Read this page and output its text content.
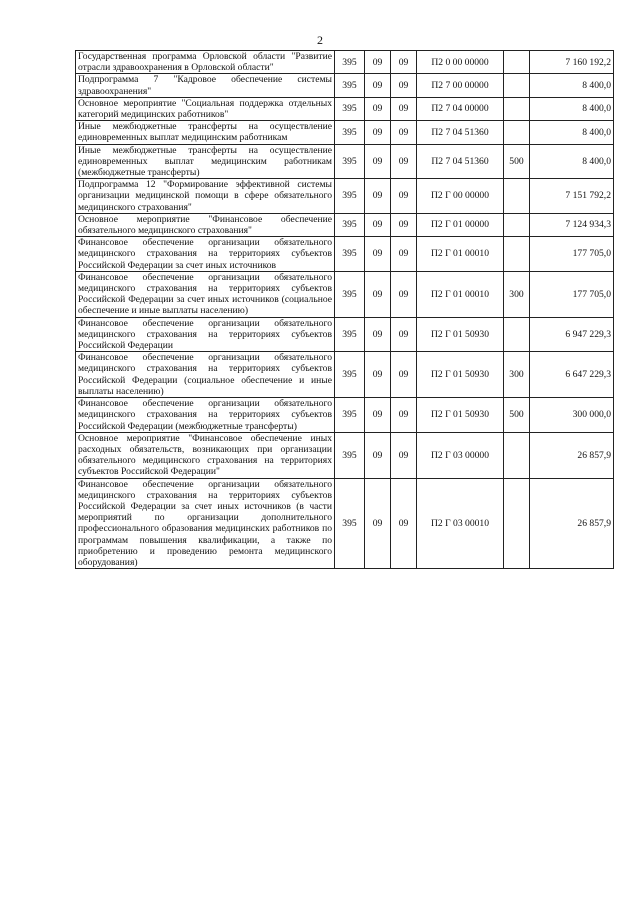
2
Государственная программа Орловской области "Развитие отрасли здравоохранения в Орловской области"	395	09	09	П2 0 00 00000		7 160 192,2
Подпрограмма 7 "Кадровое обеспечение системы здравоохранения"	395	09	09	П2 7 00 00000		8 400,0
Основное мероприятие "Социальная поддержка отдельных категорий медицинских работников"	395	09	09	П2 7 04 00000		8 400,0
Иные межбюджетные трансферты на осуществление единовременных выплат медицинским работникам	395	09	09	П2 7 04 51360		8 400,0
Иные межбюджетные трансферты на осуществление единовременных выплат медицинским работникам (межбюджетные трансферты)	395	09	09	П2 7 04 51360	500	8 400,0
Подпрограмма 12 "Формирование эффективной системы организации медицинской помощи в сфере обязательного медицинского страхования"	395	09	09	П2 Г 00 00000		7 151 792,2
Основное мероприятие "Финансовое обеспечение обязательного медицинского страхования"	395	09	09	П2 Г 01 00000		7 124 934,3
Финансовое обеспечение организации обязательного медицинского страхования на территориях субъектов Российской Федерации за счет иных источников	395	09	09	П2 Г 01 00010		177 705,0
Финансовое обеспечение организации обязательного медицинского страхования на территориях субъектов Российской Федерации за счет иных источников (социальное обеспечение и иные выплаты населению)	395	09	09	П2 Г 01 00010	300	177 705,0
Финансовое обеспечение организации обязательного медицинского страхования на территориях субъектов Российской Федерации	395	09	09	П2 Г 01 50930		6 947 229,3
Финансовое обеспечение организации обязательного медицинского страхования на территориях субъектов Российской Федерации (социальное обеспечение и иные выплаты населению)	395	09	09	П2 Г 01 50930	300	6 647 229,3
Финансовое обеспечение организации обязательного медицинского страхования на территориях субъектов Российской Федерации (межбюджетные трансферты)	395	09	09	П2 Г 01 50930	500	300 000,0
Основное мероприятие "Финансовое обеспечение иных расходных обязательств, возникающих при организации обязательного медицинского страхования на территориях субъектов Российской Федерации"	395	09	09	П2 Г 03 00000		26 857,9
Финансовое обеспечение организации обязательного медицинского страхования на территориях субъектов Российской Федерации за счет иных источников (в части мероприятий по организации дополнительного профессионального образования медицинских работников по программам повышения квалификации, а также по приобретению и проведению ремонта медицинского оборудования)	395	09	09	П2 Г 03 00010		26 857,9
